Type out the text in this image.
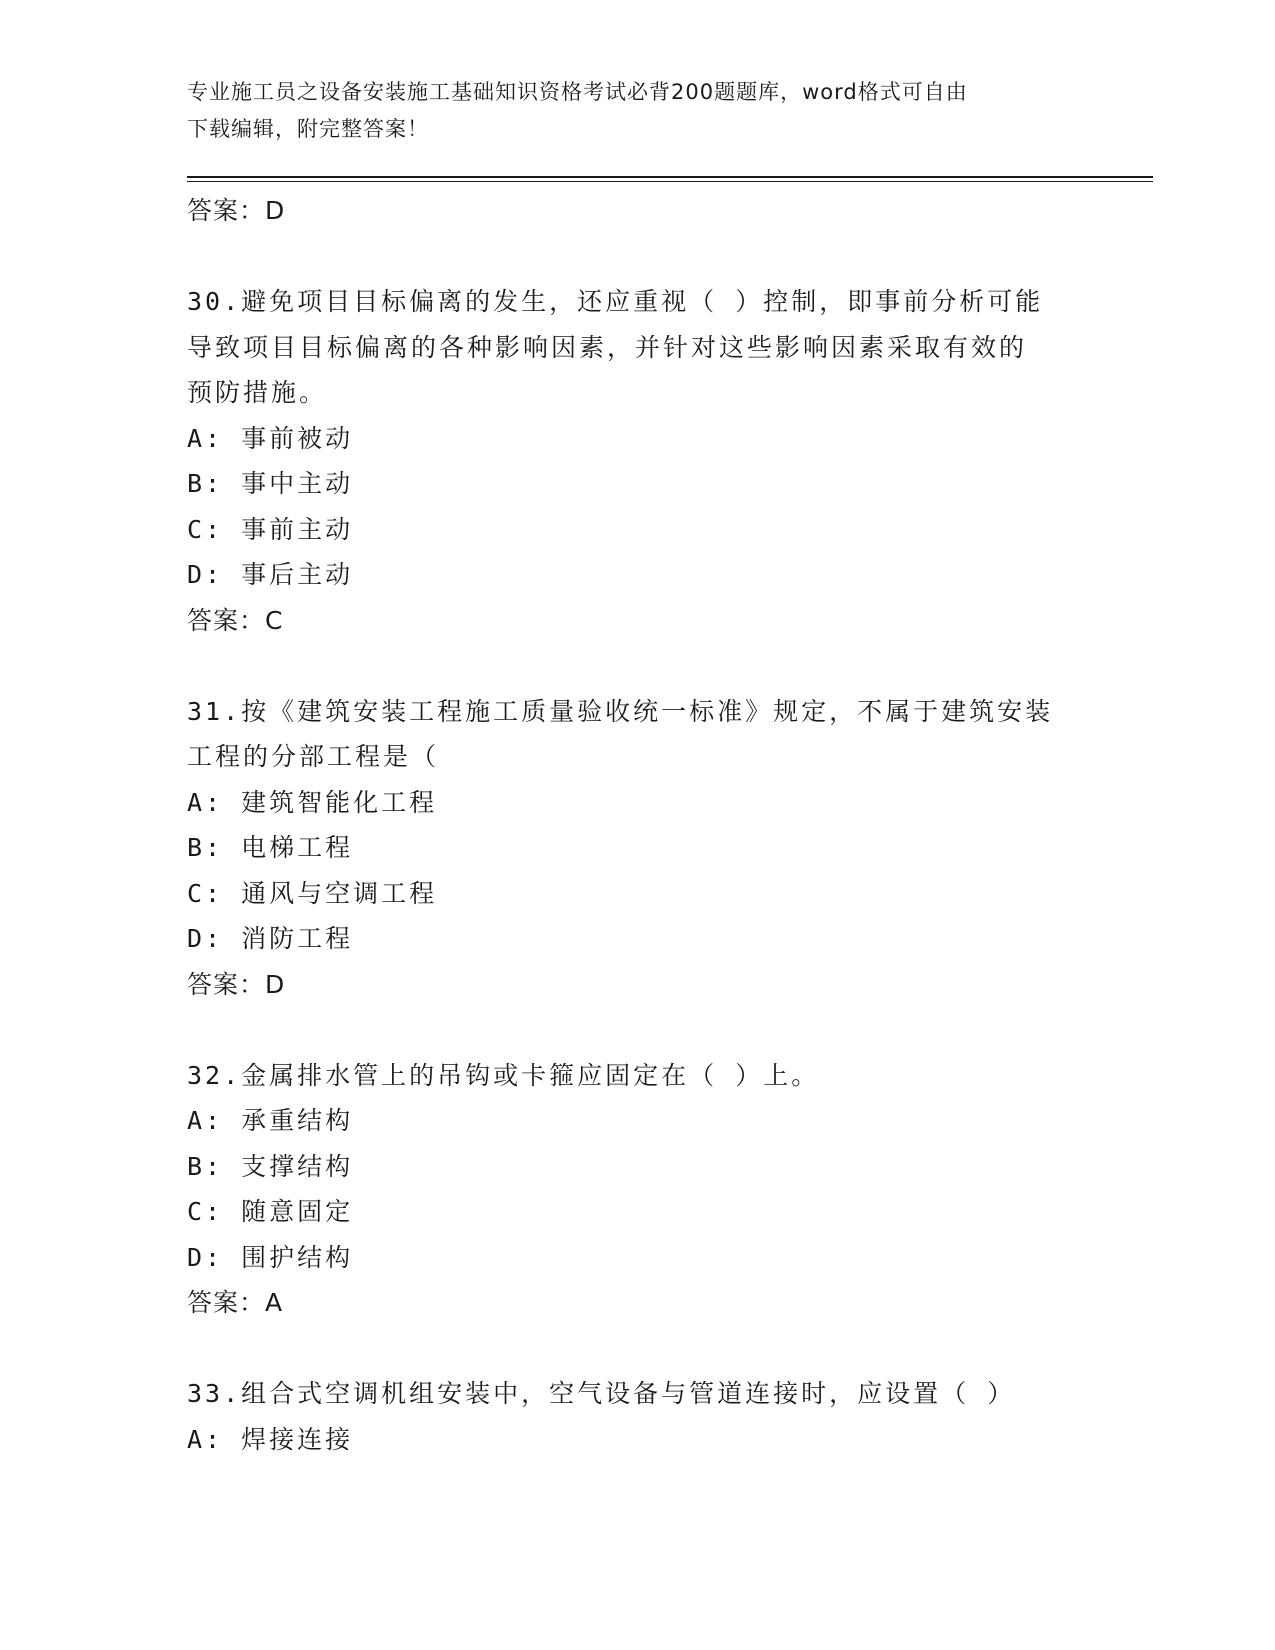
专业施工员之设备安装施工基础知识资格考试必背200题题库，word格式可自由
下载编辑，附完整答案！
答案：D
30.避免项目目标偏离的发生，还应重视（ ）控制，即事前分析可能
导致项目目标偏离的各种影响因素，并针对这些影响因素采取有效的
预防措施。
A: 事前被动
B: 事中主动
C: 事前主动
D: 事后主动
答案：C
31.按《建筑安装工程施工质量验收统一标准》规定，不属于建筑安装
工程的分部工程是（
A: 建筑智能化工程
B: 电梯工程
C: 通风与空调工程
D: 消防工程
答案：D
32.金属排水管上的吊钩或卡箍应固定在（ ）上。
A: 承重结构
B: 支撑结构
C: 随意固定
D: 围护结构
答案：A
33.组合式空调机组安装中，空气设备与管道连接时，应设置（ ）
A: 焊接连接
